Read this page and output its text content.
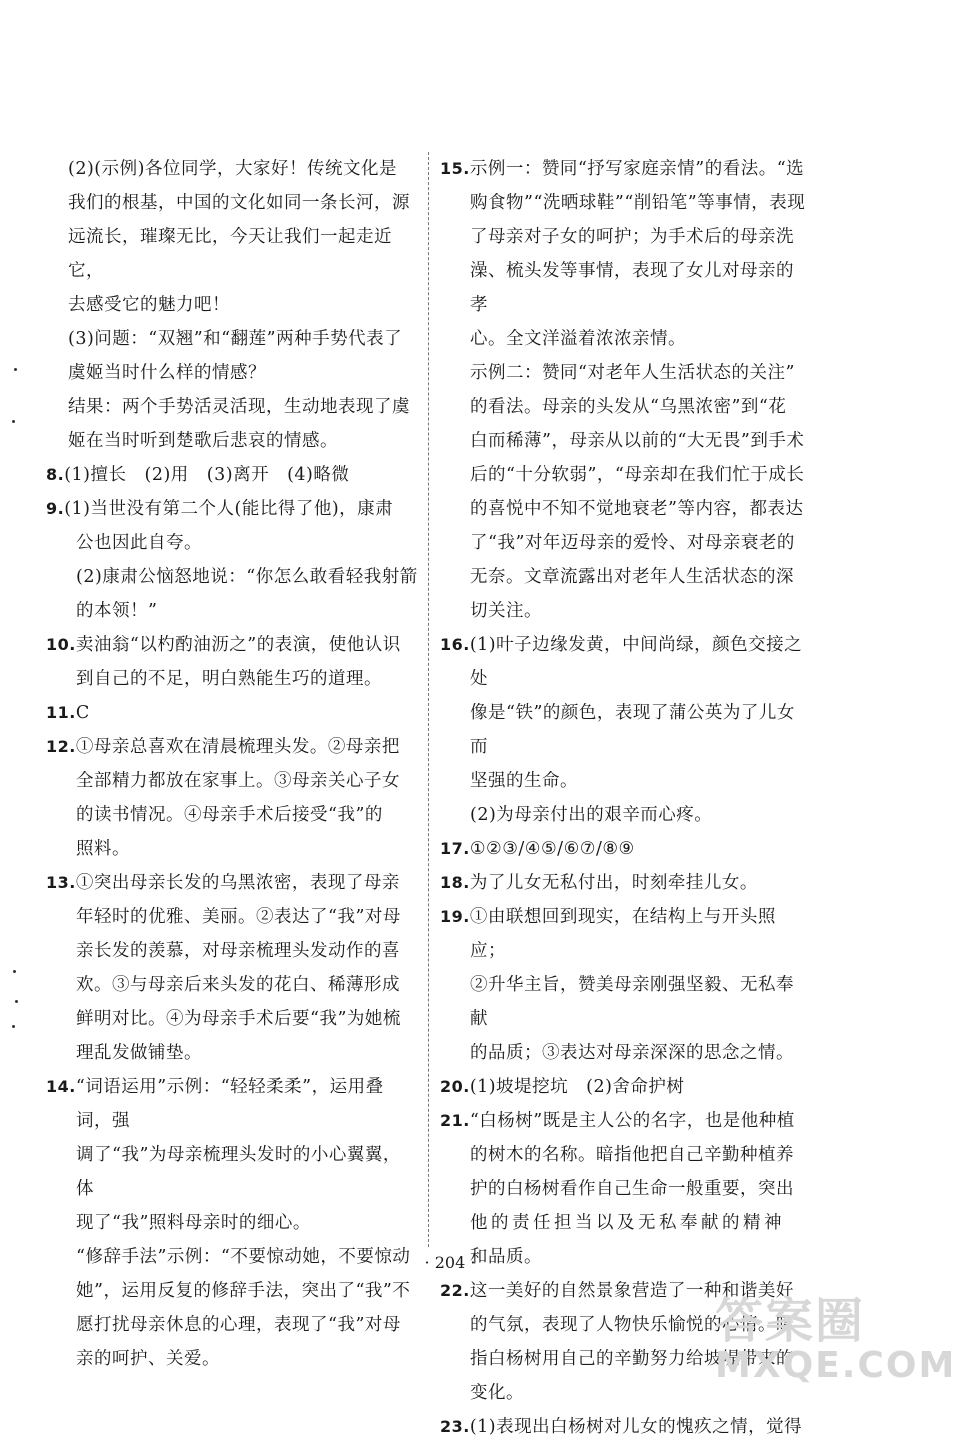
(2)(示例)各位同学，大家好！传统文化是

我们的根基，中国的文化如同一条长河，源

远流长，璀璨无比，今天让我们一起走近它，

去感受它的魅力吧！

(3)问题：“双翘”和“翻莲”两种手势代表了

虞姬当时什么样的情感？

结果：两个手势活灵活现，生动地表现了虞

姬在当时听到楚歌后悲哀的情感。

8.(1)擅长　(2)用　(3)离开　(4)略微
9.(1)当世没有第二个人(能比得了他)，康肃

公也因此自夸。

(2)康肃公恼怒地说：“你怎么敢看轻我射箭

的本领！”

10.卖油翁“以杓酌油沥之”的表演，使他认识

到自己的不足，明白熟能生巧的道理。

11.C
12.①母亲总喜欢在清晨梳理头发。②母亲把

全部精力都放在家事上。③母亲关心子女

的读书情况。④母亲手术后接受“我”的

照料。

13.①突出母亲长发的乌黑浓密，表现了母亲

年轻时的优雅、美丽。②表达了“我”对母

亲长发的羡慕，对母亲梳理头发动作的喜

欢。③与母亲后来头发的花白、稀薄形成

鲜明对比。④为母亲手术后要“我”为她梳

理乱发做铺垫。

14.“词语运用”示例：“轻轻柔柔”，运用叠词，强

调了“我”为母亲梳理头发时的小心翼翼，体

现了“我”照料母亲时的细心。

“修辞手法”示例：“不要惊动她，不要惊动

她”，运用反复的修辞手法，突出了“我”不

愿打扰母亲休息的心理，表现了“我”对母

亲的呵护、关爱。

15.示例一：赞同“抒写家庭亲情”的看法。“选

购食物”“洗晒球鞋”“削铅笔”等事情，表现

了母亲对子女的呵护；为手术后的母亲洗

澡、梳头发等事情，表现了女儿对母亲的孝

心。全文洋溢着浓浓亲情。

示例二：赞同“对老年人生活状态的关注”

的看法。母亲的头发从“乌黑浓密”到“花

白而稀薄”，母亲从以前的“大无畏”到手术

后的“十分软弱”，“母亲却在我们忙于成长

的喜悦中不知不觉地衰老”等内容，都表达

了“我”对年迈母亲的爱怜、对母亲衰老的

无奈。文章流露出对老年人生活状态的深

切关注。

16.(1)叶子边缘发黄，中间尚绿，颜色交接之处

像是“铁”的颜色，表现了蒲公英为了儿女而

坚强的生命。

(2)为母亲付出的艰辛而心疼。

17.①②③/④⑤/⑥⑦/⑧⑨
18.为了儿女无私付出，时刻牵挂儿女。
19.①由联想回到现实，在结构上与开头照应；

②升华主旨，赞美母亲刚强坚毅、无私奉献

的品质；③表达对母亲深深的思念之情。

20.(1)坡堤挖坑　(2)舍命护树
21.“白杨树”既是主人公的名字，也是他种植

的树木的名称。暗指他把自己辛勤种植养

护的白杨树看作自己生命一般重要，突出

他的责任担当以及无私奉献的精神

和品质。

22.这一美好的自然景象营造了一种和谐美好

的气氛，表现了人物快乐愉悦的心情。暗

指白杨树用自己的辛勤努力给坡堤带来的

变化。

23.(1)表现出白杨树对儿女的愧疚之情，觉得
· 204 ·
答案圈
MXQE.COM
